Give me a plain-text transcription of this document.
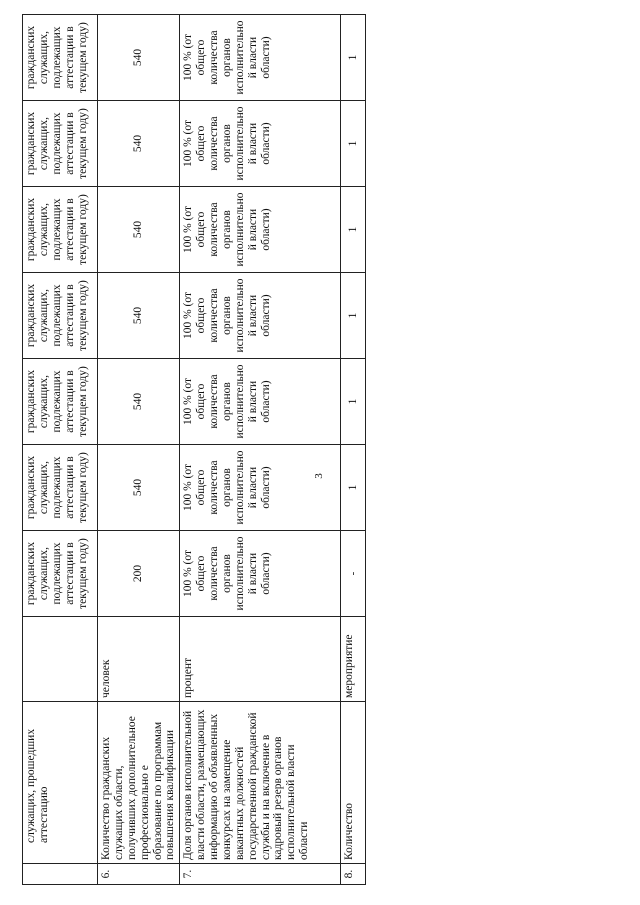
3
	служащих, прошедших аттестацию		гражданских служащих, подлежащих аттестации в текущем году)	гражданских служащих, подлежащих аттестации в текущем году)	гражданских служащих, подлежащих аттестации в текущем году)	гражданских служащих, подлежащих аттестации в текущем году)	гражданских служащих, подлежащих аттестации в текущем году)	гражданских служащих, подлежащих аттестации в текущем году)	гражданских служащих, подлежащих аттестации в текущем году)
6.	Количество гражданских служащих области, получивших дополнительное профессионально е образование по программам повышения квалификации	человек	200	540	540	540	540	540	540
7.	Доля органов исполнительной власти области, размещающих информацию об объявленных конкурсах на замещение вакантных должностей государственной гражданской службы и на включение в кадровый резерв органов исполнительной власти области	процент	100 % (от общего количества органов исполнительно й власти области)	100 % (от общего количества органов исполнительно й власти области)	100 % (от общего количества органов исполнительно й власти области)	100 % (от общего количества органов исполнительно й власти области)	100 % (от общего количества органов исполнительно й власти области)	100 % (от общего количества органов исполнительно й власти области)	100 % (от общего количества органов исполнительно й власти области)
8.	Количество	мероприятие	-	1	1	1	1	1	1
